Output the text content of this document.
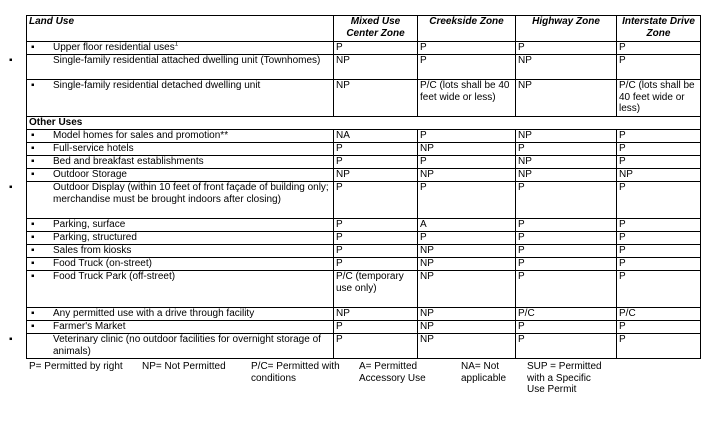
Land Use	Mixed Use Center Zone	Creekside Zone	Highway Zone	Interstate Drive Zone
▪ Upper floor residential uses$^1$	P	P	P	P

▪ Single-family residential attached dwelling unit (Townhomes)	NP	P	NP	P
▪ Single-family residential detached dwelling unit	NP	P/C (lots shall be 40 feet wide or less)	NP	P/C (lots shall be 40 feet wide or less)
Other Uses				
▪ Model homes for sales and promotion**	NA	P	NP	P
▪ Full-service hotels	P	NP	P	P
▪ Bed and breakfast establishments	P	P	NP	P
▪ Outdoor Storage	NP	NP	NP	NP

▪ Outdoor Display (within 10 feet of front façade of building only; merchandise must be brought indoors after closing)	P	P	P	P
▪ Parking, surface	P	A	P	P
▪ Parking, structured	P	P	P	P
▪ Sales from kiosks	P	NP	P	P
▪ Food Truck (on-street)	P	NP	P	P
▪ Food Truck Park (off-street)	P/C (temporary use only)	NP	P	P
▪ Any permitted use with a drive through facility	NP	NP	P/C	P/C
▪ Farmer's Market	P	NP	P	P

▪ Veterinary clinic (no outdoor facilities for overnight storage of animals)	P	NP	P	P
P= Permitted by right	NP= Not Permitted	P/C= Permitted with conditions
A= Permitted Accessory Use
NA= Not applicable
SUP = Permitted with a Specific Use Permit
